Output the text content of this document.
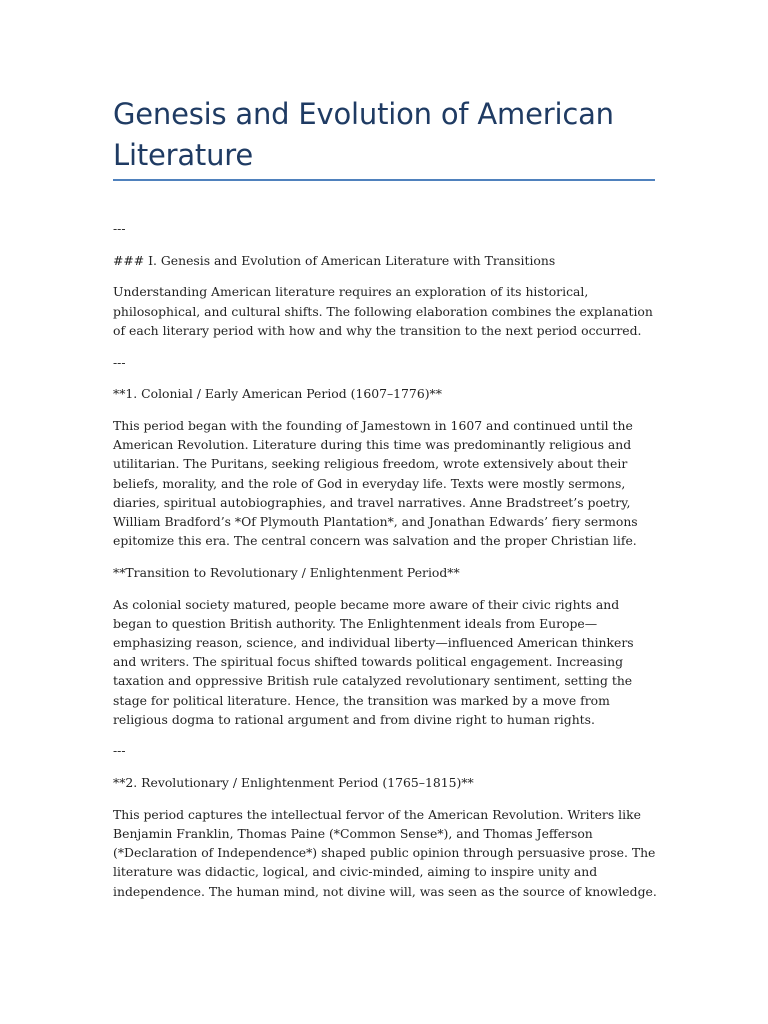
Genesis and Evolution of American Literature

---

### I. Genesis and Evolution of American Literature with Transitions

Understanding American literature requires an exploration of its historical, philosophical, and cultural shifts. The following elaboration combines the explanation of each literary period with how and why the transition to the next period occurred.

---

**1. Colonial / Early American Period (1607–1776)**

This period began with the founding of Jamestown in 1607 and continued until the American Revolution. Literature during this time was predominantly religious and utilitarian. The Puritans, seeking religious freedom, wrote extensively about their beliefs, morality, and the role of God in everyday life. Texts were mostly sermons, diaries, spiritual autobiographies, and travel narratives. Anne Bradstreet’s poetry, William Bradford’s *Of Plymouth Plantation*, and Jonathan Edwards’ fiery sermons epitomize this era. The central concern was salvation and the proper Christian life.

**Transition to Revolutionary / Enlightenment Period**

As colonial society matured, people became more aware of their civic rights and began to question British authority. The Enlightenment ideals from Europe—emphasizing reason, science, and individual liberty—influenced American thinkers and writers. The spiritual focus shifted towards political engagement. Increasing taxation and oppressive British rule catalyzed revolutionary sentiment, setting the stage for political literature. Hence, the transition was marked by a move from religious dogma to rational argument and from divine right to human rights.

---

**2. Revolutionary / Enlightenment Period (1765–1815)**

This period captures the intellectual fervor of the American Revolution. Writers like Benjamin Franklin, Thomas Paine (*Common Sense*), and Thomas Jefferson (*Declaration of Independence*) shaped public opinion through persuasive prose. The literature was didactic, logical, and civic-minded, aiming to inspire unity and independence. The human mind, not divine will, was seen as the source of knowledge.
